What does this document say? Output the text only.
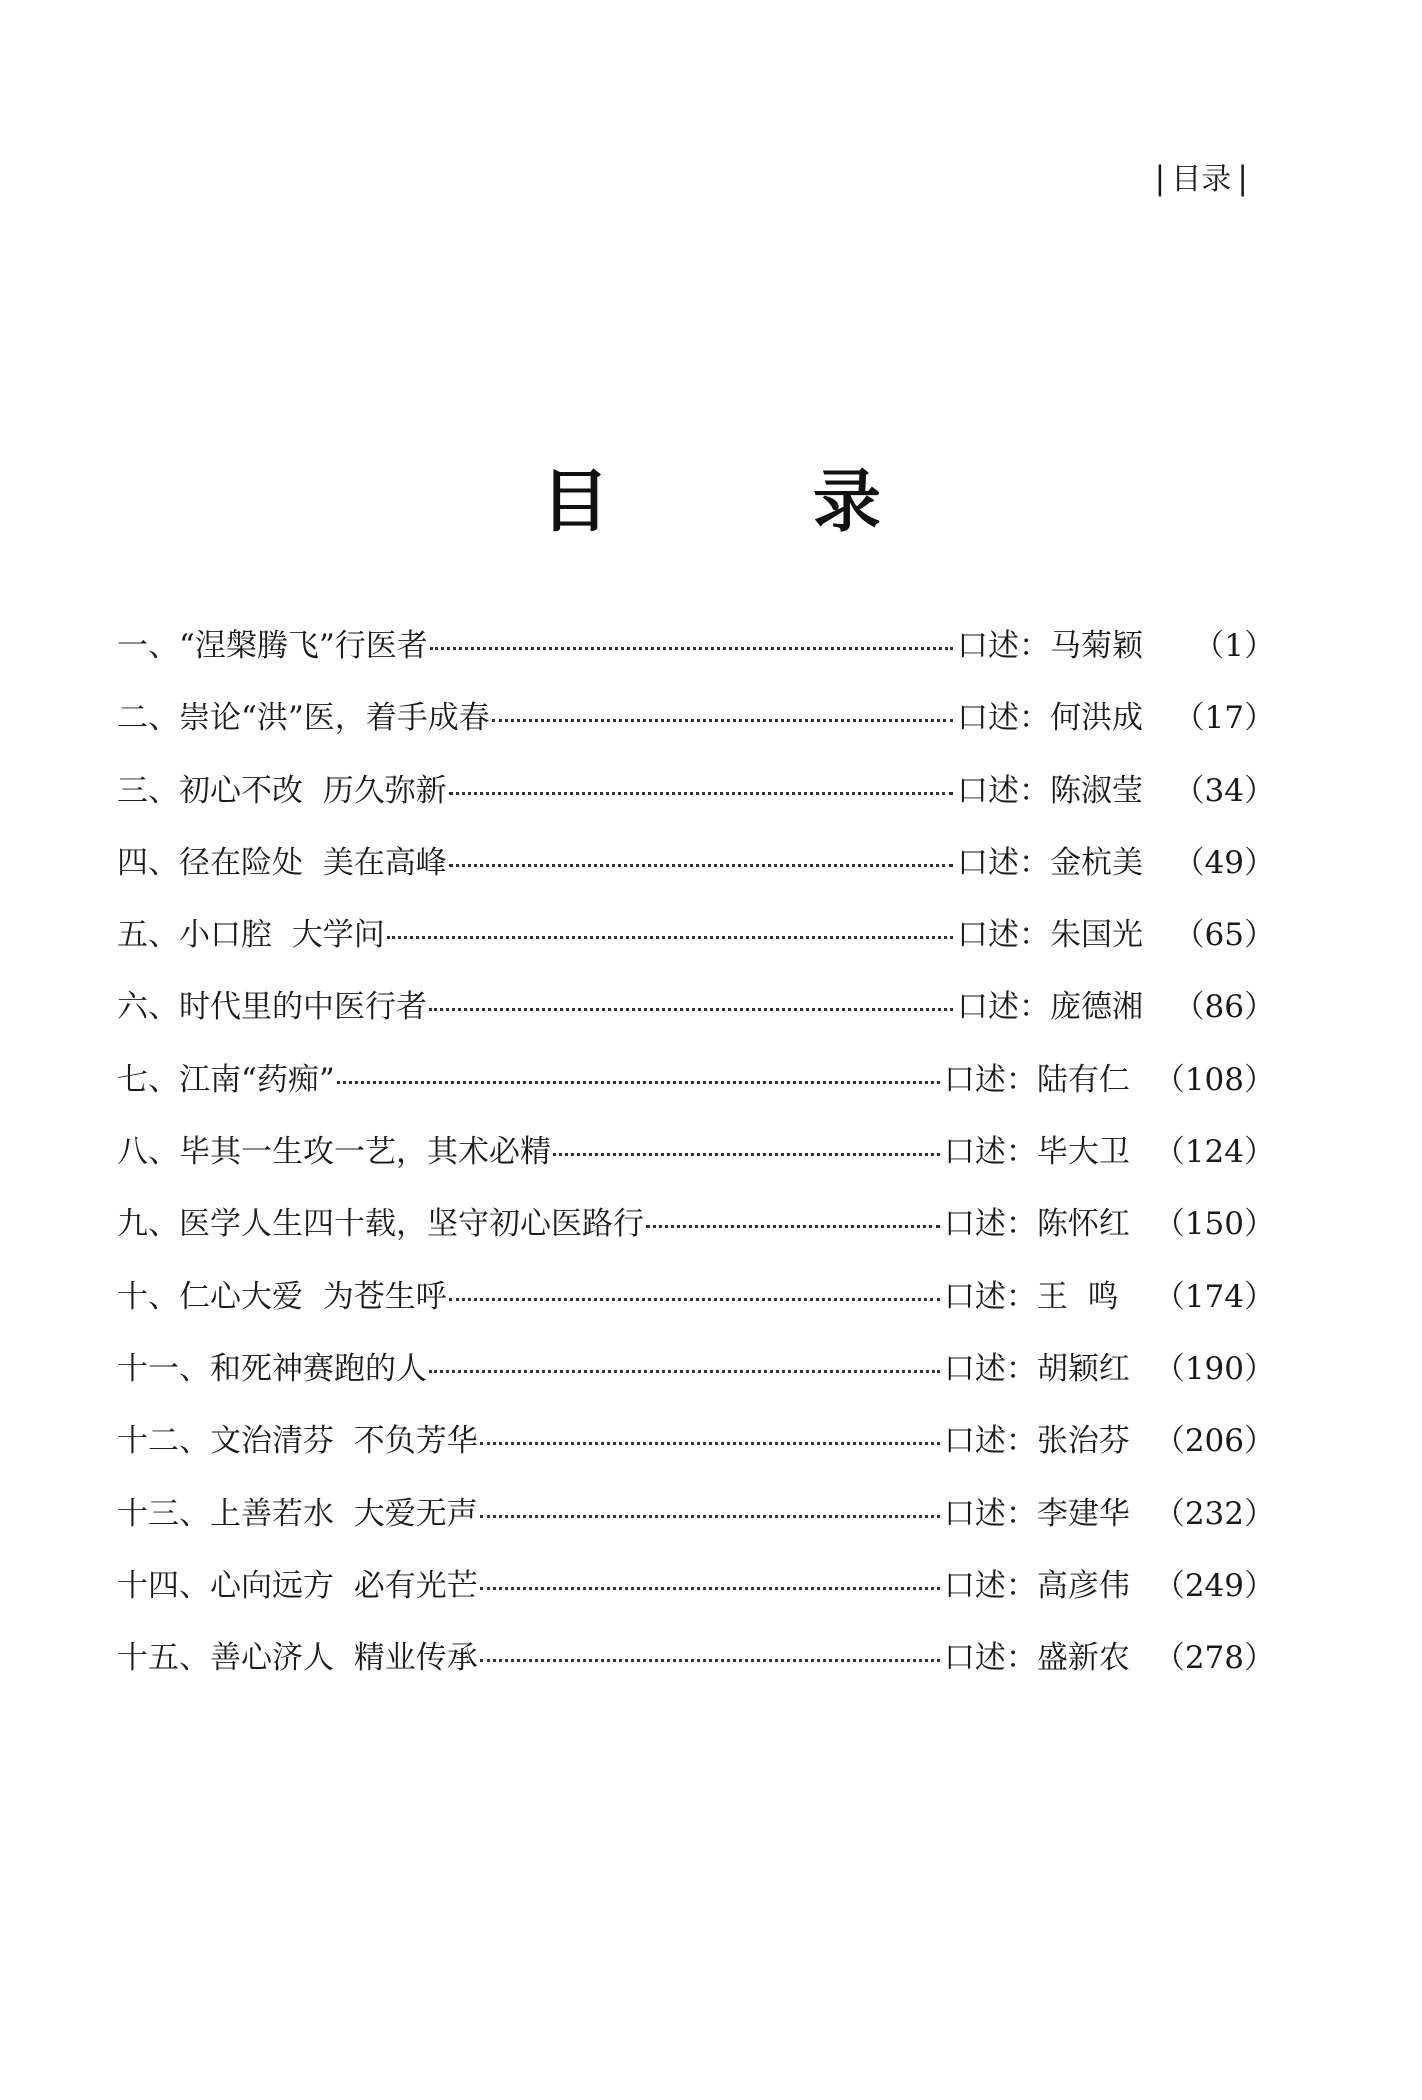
| 目录 |
目 录
一、“涅槃腾飞”行医者	口述：马菊颖	（1）
二、崇论“洪”医，着手成春	口述：何洪成 （17）
三、初心不改  历久弥新	口述：陈淑莹 （34）
四、径在险处  美在高峰	口述：金杭美 （49）
五、小口腔  大学问	口述：朱国光 （65）
六、时代里的中医行者	口述：庞德湘 （86）
七、江南“药痴”	口述：陆有仁 （108）
八、毕其一生攻一艺，其术必精	口述：毕大卫 （124）
九、医学人生四十载，坚守初心医路行	口述：陈怀红 （150）
十、仁心大爱  为苍生呼	口述：王  鸣	（174）
十一、和死神赛跑的人	口述：胡颖红 （190）
十二、文治清芬  不负芳华	口述：张治芬 （206）
十三、上善若水  大爱无声	口述：李建华 （232）
十四、心向远方  必有光芒	口述：高彦伟 （249）
十五、善心济人  精业传承	口述：盛新农 （278）
